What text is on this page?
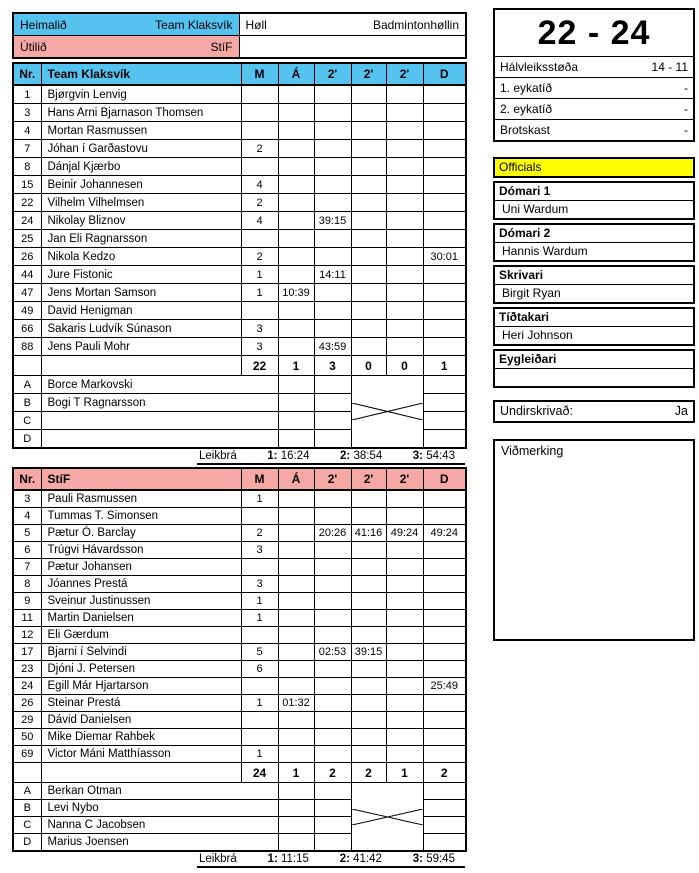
Heimalið Team Klaksvík	Høll Badmintonhøllin

Útilið StíF	

Nr.	Team Klaksvík	M	Á	2'	2'	2'	D
1	Bjørgvin Lenvig						
3	Hans Arni Bjarnason Thomsen						
4	Mortan Rasmussen						
7	Jóhan í Garðastovu	2					
8	Dánjal Kjærbo						
15	Beinir Johannesen	4					
22	Vilhelm Vilhelmsen	2					
24	Nikolay Bliznov	4		39:15			
25	Jan Eli Ragnarsson						
26	Nikola Kedzo	2					30:01
44	Jure Fistonic	1		14:11			
47	Jens Mortan Samson	1	10:39				
49	David Henigman						
66	Sakaris Ludvík Súnason	3					
88	Jens Pauli Mohr	3		43:59			
		22	1	3	0	0	1
A	Borce Markovski			

B	Bogi T Ragnarsson						
C							
D							
Leikbrá	1: 16:24	2: 38:54	3: 54:43
Nr.	StíF	M	Á	2'	2'	2'	D
3	Pauli Rasmussen	1					
4	Tummas T. Simonsen						
5	Pætur Ó. Barclay	2		20:26	41:16	49:24	49:24
6	Trúgvi Hávardsson	3					
7	Pætur Johansen						
8	Jóannes Prestá	3					
9	Sveinur Justinussen	1					
11	Martin Danielsen	1					
12	Eli Gærdum						
17	Bjarni í Selvindi	5		02:53	39:15		
23	Djóni J. Petersen	6					
24	Egill Már Hjartarson						25:49
26	Steinar Prestá	1	01:32				
29	Dávid Danielsen						
50	Mike Diemar Rahbek						
69	Victor Máni Matthíasson	1					
		24	1	2	2	1	2
A	Berkan Otman			

B	Levi Nybo						
C	Nanna C Jacobsen						
D	Marius Joensen						
Leikbrá	1: 11:15	2: 41:42	3: 59:45
22 - 24
Hálvleiksstøða	14 - 11
1. eykatíð	-
2. eykatíð	-
Brotskast	-
Officials
Dómari 1
Uni Wardum
Dómari 2
Hannis Wardum
Skrivari
Birgit Ryan
Tíðtakari
Heri Johnson
Eygleiðari
Undirskrivað:	Ja
Viðmerking
